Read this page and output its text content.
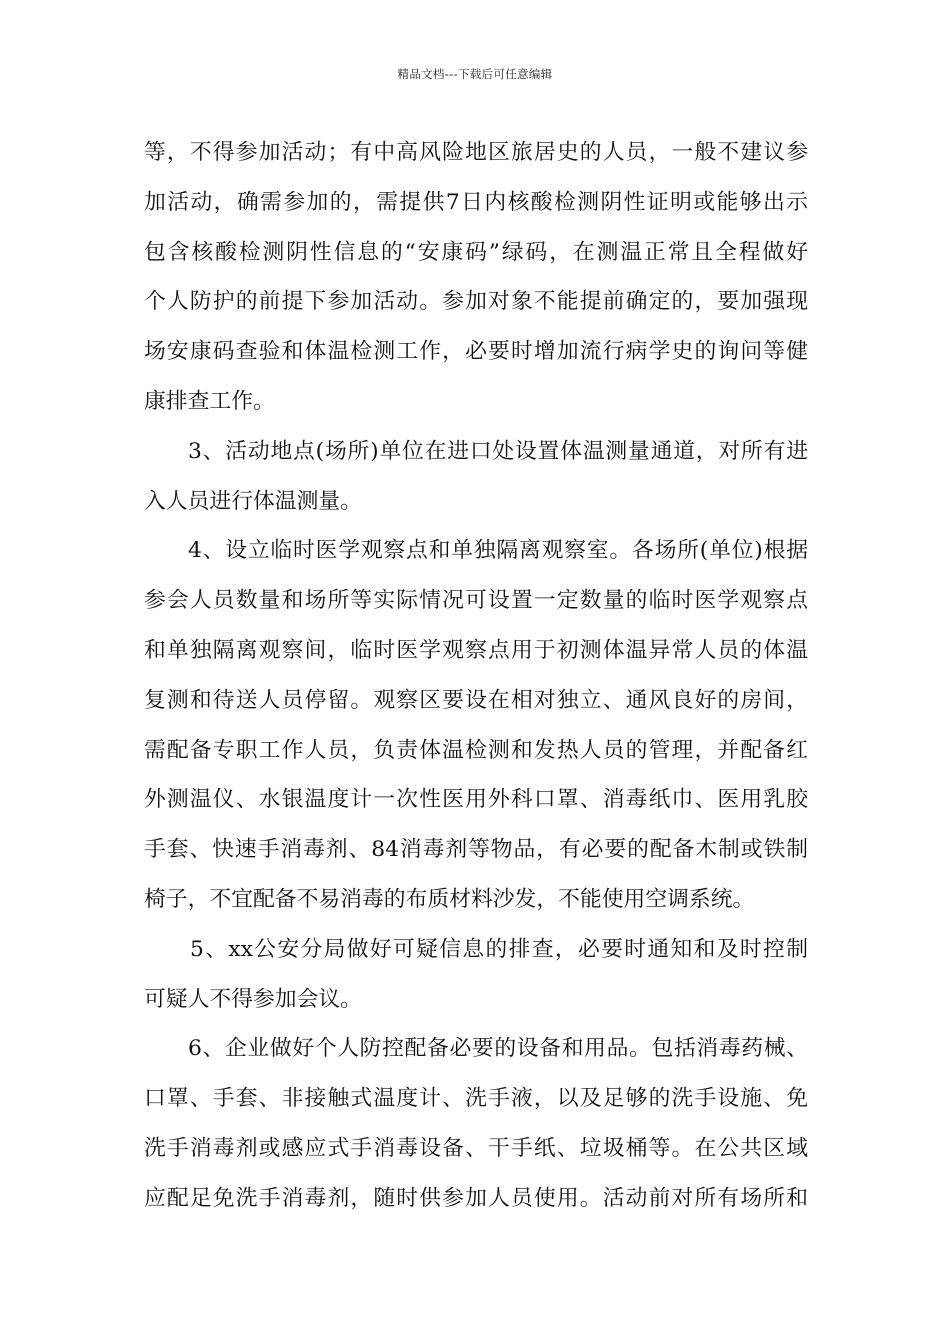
精品文档---下载后可任意编辑
等，不得参加活动；有中高风险地区旅居史的人员，一般不建议参
加活动，确需参加的，需提供7日内核酸检测阴性证明或能够出示
包含核酸检测阴性信息的“安康码”绿码，在测温正常且全程做好
个人防护的前提下参加活动。参加对象不能提前确定的，要加强现
场安康码查验和体温检测工作，必要时增加流行病学史的询问等健
康排查工作。
3、活动地点(场所)单位在进口处设置体温测量通道，对所有进
入人员进行体温测量。
4、设立临时医学观察点和单独隔离观察室。各场所(单位)根据
参会人员数量和场所等实际情况可设置一定数量的临时医学观察点
和单独隔离观察间，临时医学观察点用于初测体温异常人员的体温
复测和待送人员停留。观察区要设在相对独立、通风良好的房间，
需配备专职工作人员，负责体温检测和发热人员的管理，并配备红
外测温仪、水银温度计一次性医用外科口罩、消毒纸巾、医用乳胶
手套、快速手消毒剂、84消毒剂等物品，有必要的配备木制或铁制
椅子，不宜配备不易消毒的布质材料沙发，不能使用空调系统。
5、xx公安分局做好可疑信息的排查，必要时通知和及时控制
可疑人不得参加会议。
6、企业做好个人防控配备必要的设备和用品。包括消毒药械、
口罩、手套、非接触式温度计、洗手液，以及足够的洗手设施、免
洗手消毒剂或感应式手消毒设备、干手纸、垃圾桶等。在公共区域
应配足免洗手消毒剂，随时供参加人员使用。活动前对所有场所和
